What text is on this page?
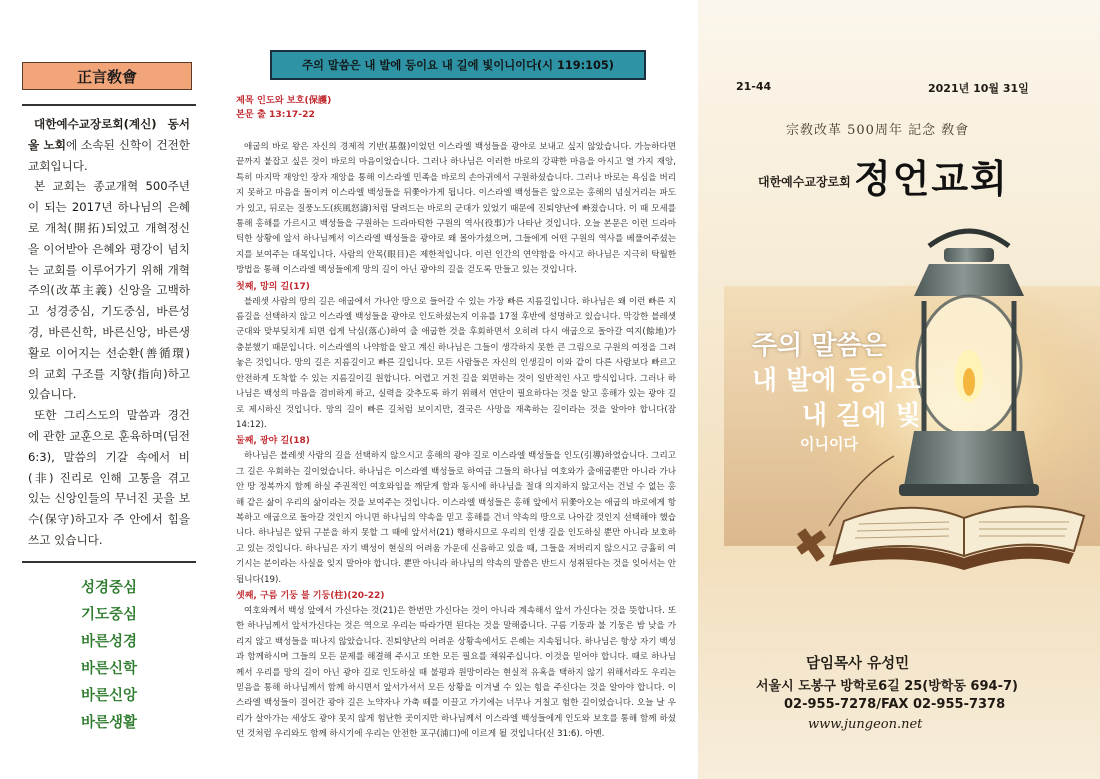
正言敎會

대한예수교장로회(계신) 동서울 노회에 소속된 신학이 건전한 교회입니다.

본 교회는 종교개혁 500주년이 되는 2017년 하나님의 은혜로 개척(開拓)되었고 개혁정신을 이어받아 은혜와 평강이 넘치는 교회를 이루어가기 위해 개혁주의(改革主義) 신앙을 고백하고 성경중심, 기도중심, 바른성경, 바른신학, 바른신앙, 바른생활로 이어지는 선순환(善循環)의 교회 구조를 지향(指向)하고 있습니다.

또한 그리스도의 말씀과 경건에 관한 교훈으로 훈육하며(딤전 6:3), 말씀의 기갈 속에서 비(非) 진리로 인해 고통을 겪고 있는 신앙인들의 무너진 곳을 보수(保守)하고자 주 안에서 힘을 쓰고 있습니다.

성경중심
기도중심
바른성경
바른신학
바른신앙
바른생활
주의 말씀은 내 발에 등이요 내 길에 빛이니이다(시 119:105)
제목 인도와 보호(保護)
본문 출 13:17-22

애굽의 바로 왕은 자신의 경제적 기반(基盤)이었던 이스라엘 백성들을 광야로 보내고 싶지 않았습니다. 가능하다면 끝까지 붙잡고 싶은 것이 바로의 마음이었습니다. 그러나 하나님은 이러한 바로의 강퍅한 마음을 아시고 열 가지 재앙, 특히 마지막 재앙인 장자 재앙을 통해 이스라엘 민족을 바로의 손아귀에서 구원하셨습니다. 그러나 바로는 욕심을 버리지 못하고 마음을 돌이켜 이스라엘 백성들을 뒤쫓아가게 됩니다. 이스라엘 백성들은 앞으로는 홍해의 넘실거리는 파도가 있고, 뒤로는 질풍노도(疾風怒濤)처럼 달려드는 바로의 군대가 있었기 때문에 진퇴양난에 빠졌습니다. 이 때 모세를 통해 홍해를 가르시고 백성들을 구원하는 드라마틱한 구원의 역사(役事)가 나타난 것입니다. 오늘 본문은 이런 드라마틱한 상황에 앞서 하나님께서 이스라엘 백성들을 광야로 왜 몰아가셨으며, 그들에게 어떤 구원의 역사를 베풀어주셨는지를 보여주는 대목입니다. 사람의 안목(眼目)은 제한적입니다. 이런 인간의 연약함을 아시고 하나님은 지극히 탁월한 방법을 통해 이스라엘 백성들에게 망의 길이 아닌 광야의 길을 걷도록 만들고 있는 것입니다.

첫째, 망의 길(17)

블레셋 사람의 땅의 길은 애굽에서 가나안 땅으로 들어갈 수 있는 가장 빠른 지름길입니다. 하나님은 왜 이런 빠른 지름길을 선택하지 않고 이스라엘 백성들을 광야로 인도하셨는지 이유를 17절 후반에 설명하고 있습니다. 막강한 블레셋 군대와 맞부딪치게 되면 쉽게 낙심(落心)하여 출 애굽한 것을 후회하면서 오히려 다시 애굽으로 돌아갈 여지(餘地)가 충분했기 때문입니다. 이스라엘의 나약함을 알고 계신 하나님은 그들이 생각하지 못한 큰 그림으로 구원의 여정을 그려놓은 것입니다. 망의 길은 지름길이고 빠른 길입니다. 모든 사람들은 자신의 인생길이 이와 같이 다른 사람보다 빠르고 안전하게 도착할 수 있는 지름길이길 원합니다. 어렵고 거친 길을 외면하는 것이 일반적인 사고 방식입니다. 그러나 하나님은 백성의 마음을 겸비하게 하고, 실력을 갖추도록 하기 위해서 연단이 필요하다는 것을 알고 홍해가 있는 광야 길로 제시하신 것입니다. 망의 길이 빠른 길처럼 보이지만, 결국은 사망을 재촉하는 길이라는 것을 알아야 합니다(잠 14:12).

둘째, 광야 길(18)

하나님은 블레셋 사람의 길을 선택하지 않으시고 홍해의 광야 길로 이스라엘 백성들을 인도(引導)하였습니다. 그리고 그 길은 우회하는 길이었습니다. 하나님은 이스라엘 백성들로 하여금 그들의 하나님 여호와가 출애굽뿐만 아니라 가나안 땅 정복까지 함께 하실 주권적인 여호와임을 깨닫게 함과 동시에 하나님을 절대 의지하지 않고서는 건널 수 없는 홍해 같은 삶이 우리의 삶이라는 것을 보여주는 것입니다. 이스라엘 백성들은 홍해 앞에서 뒤쫓아오는 애굽의 바로에게 항복하고 애굽으로 돌아갈 것인지 아니면 하나님의 약속을 믿고 홍해를 건너 약속의 땅으로 나아갈 것인지 선택해야 했습니다. 하나님은 앞뒤 구분을 하지 못할 그 때에 앞서서(21) 행하시므로 우리의 인생 길을 인도하실 뿐만 아니라 보호하고 있는 것입니다. 하나님은 자기 백성이 현실의 어려움 가운데 신음하고 있을 때, 그들을 저버리지 않으시고 긍휼히 여기시는 분이라는 사실을 잊지 말아야 합니다. 뿐만 아니라 하나님의 약속의 말씀은 반드시 성취된다는 것을 잊어서는 안 됩니다(19).

셋째, 구름 기둥 불 기둥(柱)(20-22)

여호와께서 백성 앞에서 가신다는 것(21)은 한번만 가신다는 것이 아니라 계속해서 앞서 가신다는 것을 뜻합니다. 또한 하나님께서 앞서가신다는 것은 역으로 우리는 따라가면 된다는 것을 말해줍니다. 구름 기둥과 불 기둥은 밤 낮을 가리지 않고 백성들을 떠나지 않았습니다. 진퇴양난의 어려운 상황속에서도 은혜는 지속됩니다. 하나님은 항상 자기 백성과 함께하시며 그들의 모든 문제를 해결해 주시고 또한 모든 필요를 채워주십니다. 이것을 믿어야 합니다. 때로 하나님께서 우리를 망의 길이 아닌 광야 길로 인도하실 때 불평과 원망이라는 현실적 유혹을 택하지 않기 위해서라도 우리는 믿음을 통해 하나님께서 함께 하시면서 앞서가셔서 모든 상황을 이겨낼 수 있는 힘을 주신다는 것을 알아야 합니다. 이스라엘 백성들이 걸어간 광야 길은 노약자나 가축 떼를 이끌고 가기에는 너무나 거칠고 험한 길이었습니다. 오늘 날 우리가 살아가는 세상도 광야 못지 않게 험난한 곳이지만 하나님께서 이스라엘 백성들에게 인도와 보호를 통해 함께 하셨던 것처럼 우리와도 함께 하시기에 우리는 안전한 포구(浦口)에 이르게 될 것입니다(신 31:6). 아멘.

21-44	2021년 10월 31일
宗敎改革 500周年 記念 敎會
대한예수교장로회 정언교회
주의 말씀은
내 발에 등이요
내 길에 빛
이니이다
담임목사 유성민
서울시 도봉구 방학로6길 25(방학동 694-7)
02-955-7278/FAX 02-955-7378
www.jungeon.net
